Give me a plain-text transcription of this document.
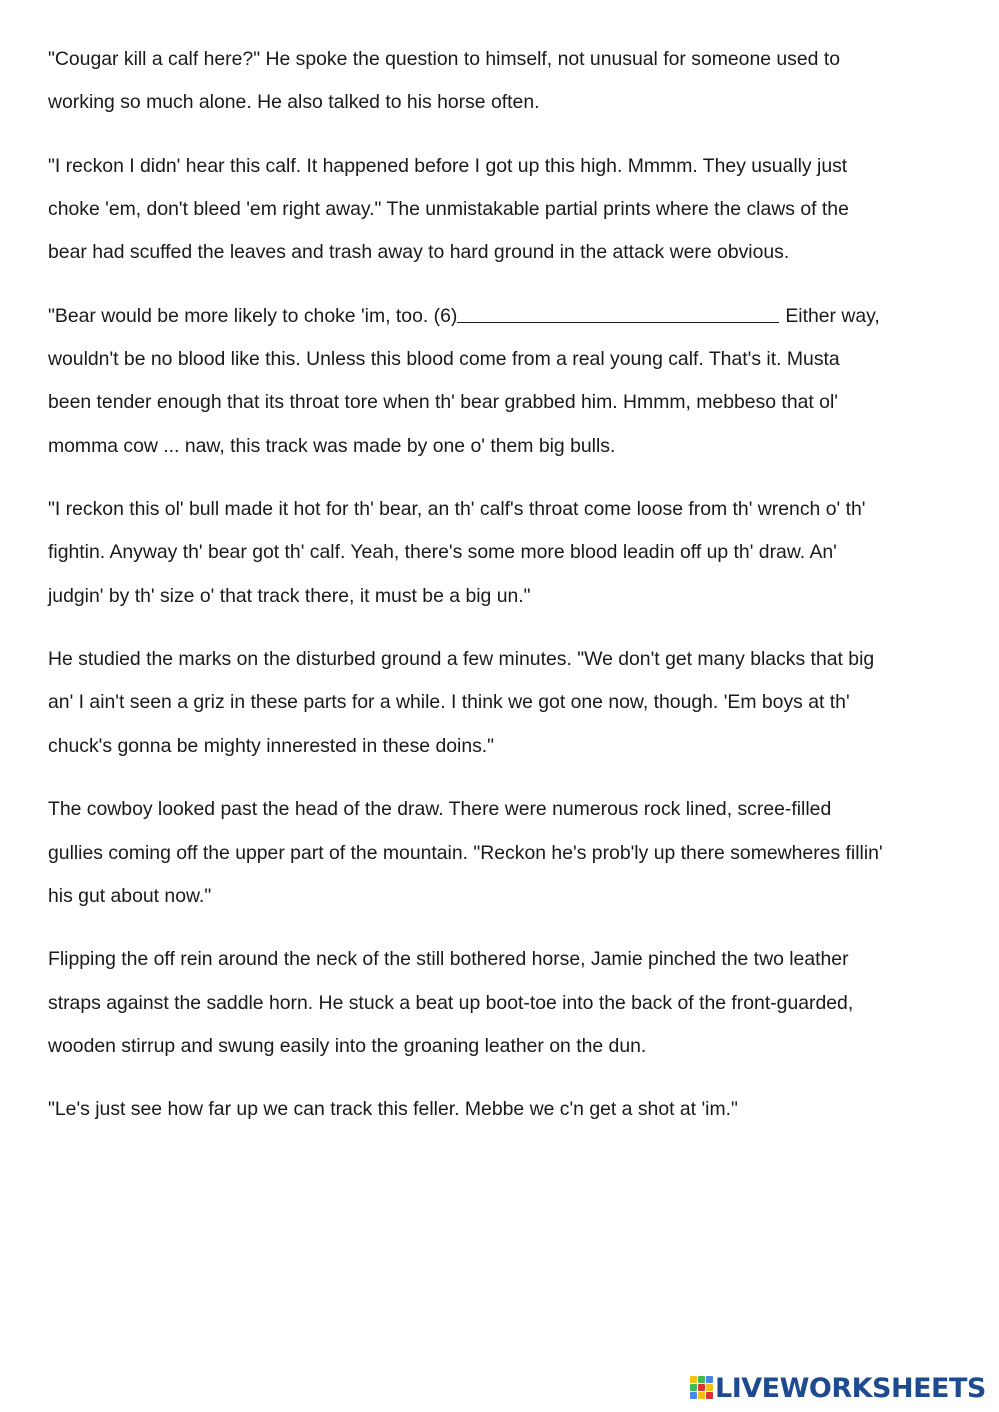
"Cougar kill a calf here?" He spoke the question to himself, not unusual for someone used to
working so much alone. He also talked to his horse often.

"I reckon I didn' hear this calf. It happened before I got up this high. Mmmm. They usually just
choke 'em, don't bleed 'em right away." The unmistakable partial prints where the claws of the
bear had scuffed the leaves and trash away to hard ground in the attack were obvious.

"Bear would be more likely to choke 'im, too. (6)	Either way,
wouldn't be no blood like this. Unless this blood come from a real young calf. That's it. Musta
been tender enough that its throat tore when th' bear grabbed him. Hmmm, mebbeso that ol'
momma cow ... naw, this track was made by one o' them big bulls.

"I reckon this ol' bull made it hot for th' bear, an th' calf's throat come loose from th' wrench o' th'
fightin. Anyway th' bear got th' calf. Yeah, there's some more blood leadin off up th' draw. An'
judgin' by th' size o' that track there, it must be a big un."

He studied the marks on the disturbed ground a few minutes. "We don't get many blacks that big
an' I ain't seen a griz in these parts for a while. I think we got one now, though. 'Em boys at th'
chuck's gonna be mighty innerested in these doins."

The cowboy looked past the head of the draw. There were numerous rock lined, scree-filled
gullies coming off the upper part of the mountain. "Reckon he's prob'ly up there somewheres fillin'
his gut about now."

Flipping the off rein around the neck of the still bothered horse, Jamie pinched the two leather
straps against the saddle horn. He stuck a beat up boot-toe into the back of the front-guarded,
wooden stirrup and swung easily into the groaning leather on the dun.

"Le's just see how far up we can track this feller. Mebbe we c'n get a shot at 'im."

LIVEWORKSHEETS
